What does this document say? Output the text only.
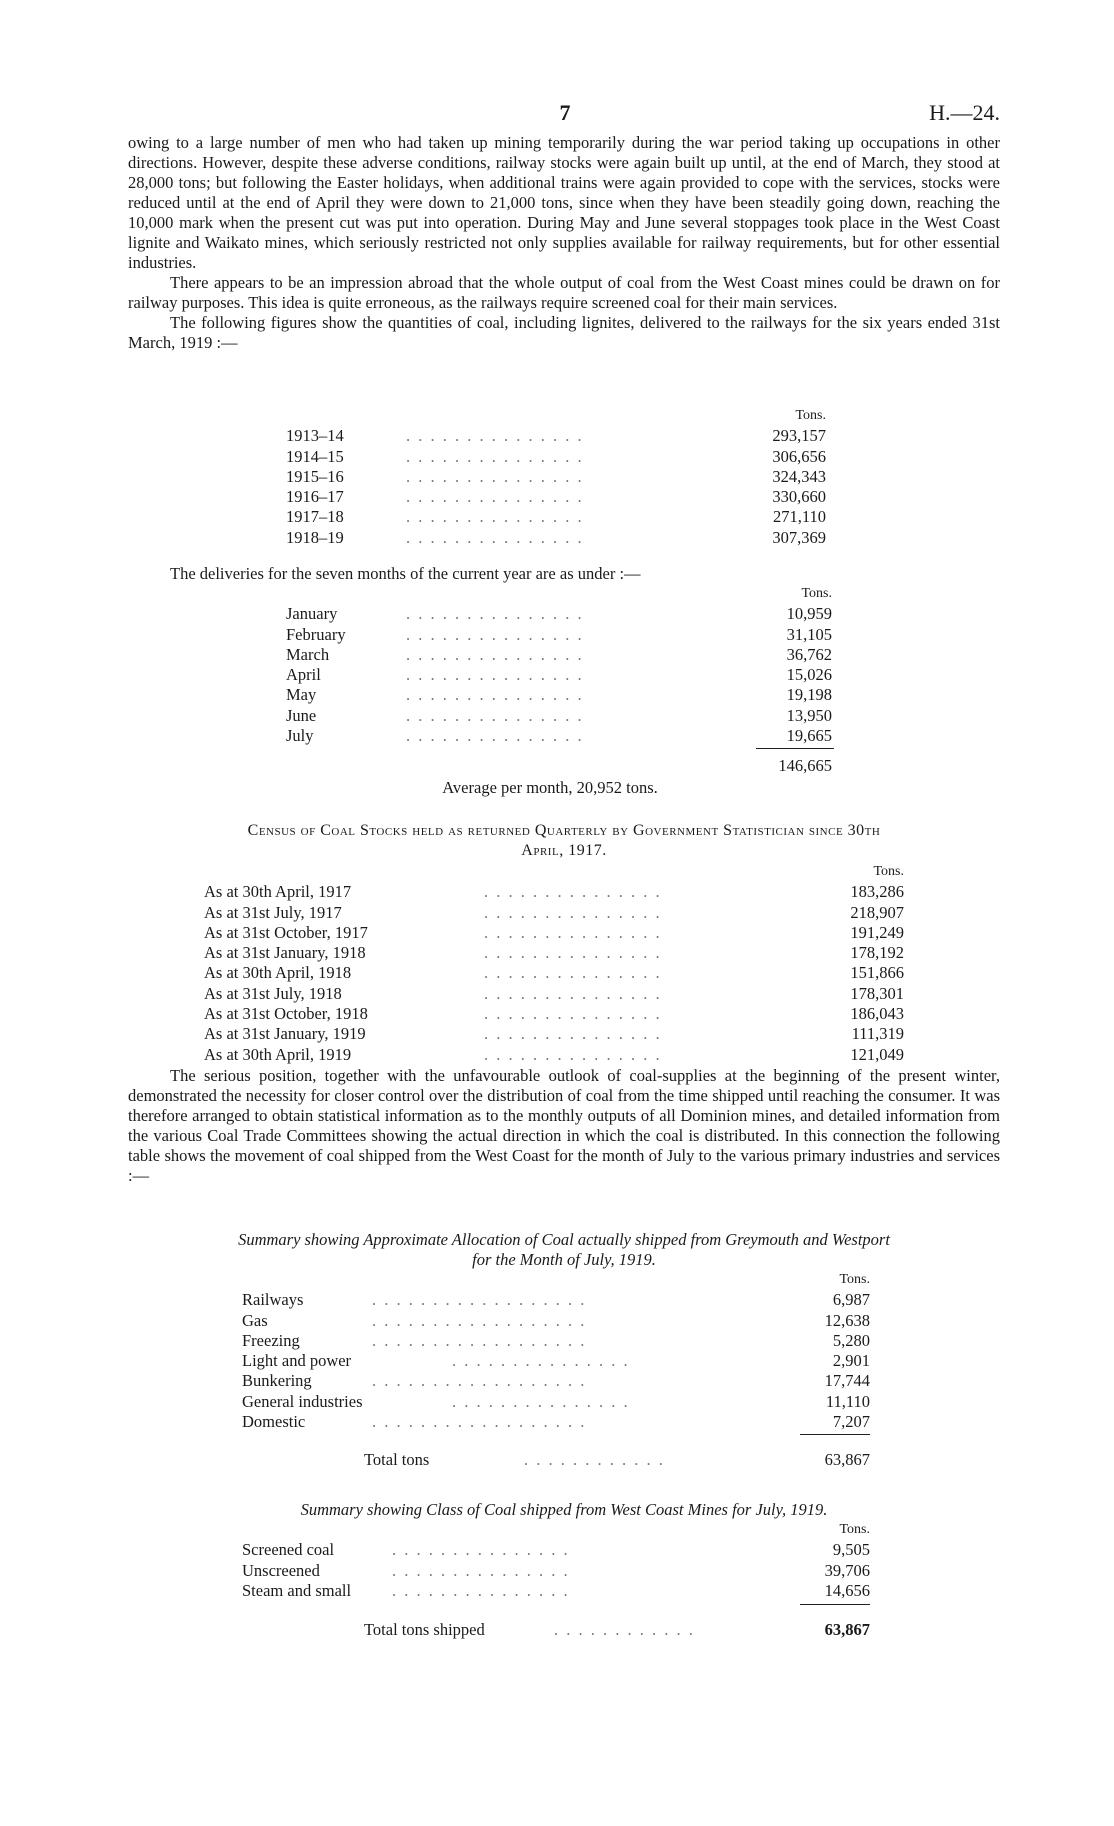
7	H.—24.

owing to a large number of men who had taken up mining temporarily during the war period taking up occupations in other directions. However, despite these adverse conditions, railway stocks were again built up until, at the end of March, they stood at 28,000 tons; but following the Easter holidays, when additional trains were again provided to cope with the services, stocks were reduced until at the end of April they were down to 21,000 tons, since when they have been steadily going down, reaching the 10,000 mark when the present cut was put into operation. During May and June several stoppages took place in the West Coast lignite and Waikato mines, which seriously restricted not only supplies available for railway requirements, but for other essential industries.

There appears to be an impression abroad that the whole output of coal from the West Coast mines could be drawn on for railway purposes. This idea is quite erroneous, as the railways require screened coal for their main services.

The following figures show the quantities of coal, including lignites, delivered to the railways for the six years ended 31st March, 1919 :—

Tons.
1913–14	. . . . . . . . . . . . . . .	293,157
1914–15	. . . . . . . . . . . . . . .	306,656
1915–16	. . . . . . . . . . . . . . .	324,343
1916–17	. . . . . . . . . . . . . . .	330,660
1917–18	. . . . . . . . . . . . . . .	271,110
1918–19	. . . . . . . . . . . . . . .	307,369

The deliveries for the seven months of the current year are as under :—

Tons.
January	. . . . . . . . . . . . . . .	10,959
February	. . . . . . . . . . . . . . .	31,105
March	. . . . . . . . . . . . . . .	36,762
April	. . . . . . . . . . . . . . .	15,026
May	. . . . . . . . . . . . . . .	19,198
June	. . . . . . . . . . . . . . .	13,950
July	. . . . . . . . . . . . . . .	19,665
146,665
Average per month, 20,952 tons.
Census of Coal Stocks held as returned Quarterly by Government Statistician since 30th
April, 1917.
Tons.
As at 30th April, 1917	. . . . . . . . . . . . . . .	183,286
As at 31st July, 1917	. . . . . . . . . . . . . . .	218,907
As at 31st October, 1917	. . . . . . . . . . . . . . .	191,249
As at 31st January, 1918	. . . . . . . . . . . . . . .	178,192
As at 30th April, 1918	. . . . . . . . . . . . . . .	151,866
As at 31st July, 1918	. . . . . . . . . . . . . . .	178,301
As at 31st October, 1918	. . . . . . . . . . . . . . .	186,043
As at 31st January, 1919	. . . . . . . . . . . . . . .	111,319
As at 30th April, 1919	. . . . . . . . . . . . . . .	121,049

The serious position, together with the unfavourable outlook of coal-supplies at the beginning of the present winter, demonstrated the necessity for closer control over the distribution of coal from the time shipped until reaching the consumer. It was therefore arranged to obtain statistical information as to the monthly outputs of all Dominion mines, and detailed information from the various Coal Trade Committees showing the actual direction in which the coal is distributed. In this connection the following table shows the movement of coal shipped from the West Coast for the month of July to the various primary industries and services :—

Summary showing Approximate Allocation of Coal actually shipped from Greymouth and Westport
for the Month of July, 1919.
Tons.
Railways	. . . . . . . . . . . . . . . . . .	6,987
Gas	. . . . . . . . . . . . . . . . . .	12,638
Freezing	. . . . . . . . . . . . . . . . . .	5,280
Light and power	. . . . . . . . . . . . . . .	2,901
Bunkering	. . . . . . . . . . . . . . . . . .	17,744
General industries	. . . . . . . . . . . . . . .	11,110
Domestic	. . . . . . . . . . . . . . . . . .	7,207
Total tons	. . . . . . . . . . . .	63,867
Summary showing Class of Coal shipped from West Coast Mines for July, 1919.
Tons.
Screened coal	. . . . . . . . . . . . . . .	9,505
Unscreened	. . . . . . . . . . . . . . .	39,706
Steam and small . . . . . . . . . . . . . . .	14,656
Total tons shipped	. . . . . . . . . . . .	63,867
